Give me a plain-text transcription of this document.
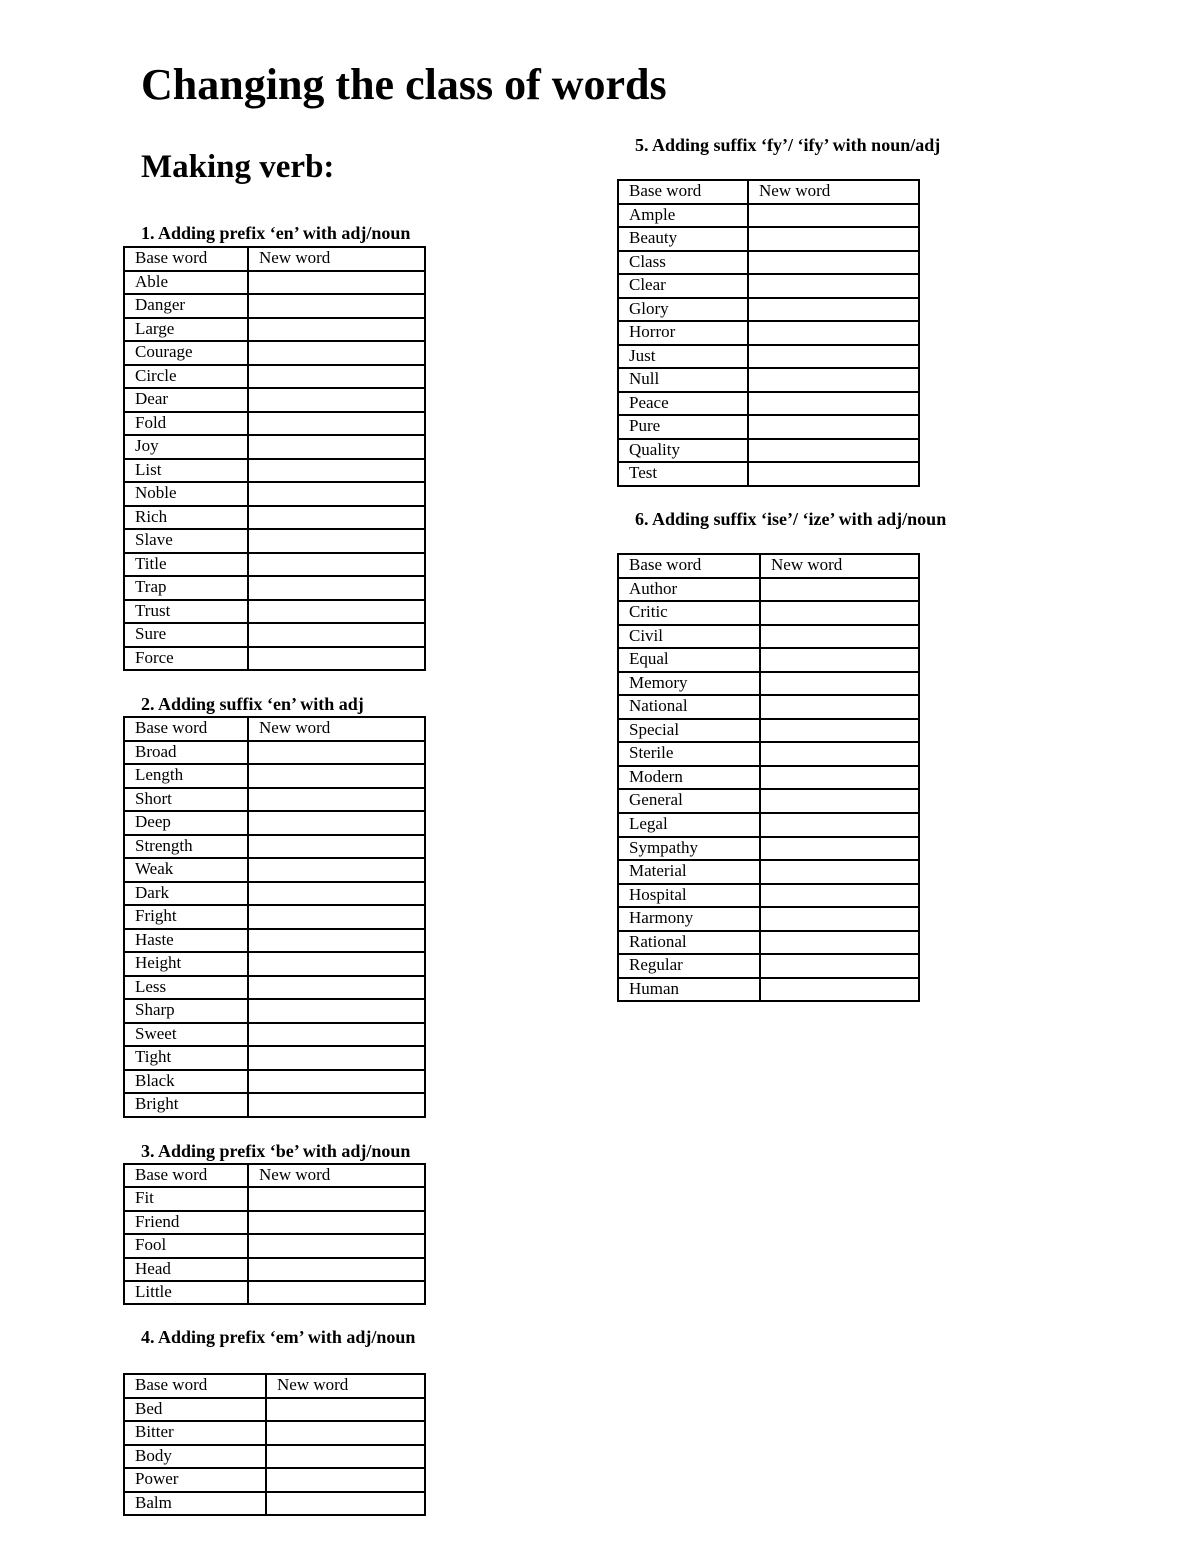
Changing the class of words
Making verb:
1. Adding prefix ‘en’ with adj/noun
Base word	New word
Able	
Danger	
Large	
Courage	
Circle	
Dear	
Fold	
Joy	
List	
Noble	
Rich	
Slave	
Title	
Trap	
Trust	
Sure	
Force	
2. Adding suffix ‘en’ with adj
Base word	New word
Broad	
Length	
Short	
Deep	
Strength	
Weak	
Dark	
Fright	
Haste	
Height	
Less	
Sharp	
Sweet	
Tight	
Black	
Bright	
3. Adding prefix ‘be’ with adj/noun
Base word	New word
Fit	
Friend	
Fool	
Head	
Little	
4. Adding prefix ‘em’ with adj/noun
Base word	New word
Bed	
Bitter	
Body	
Power	
Balm	
5. Adding suffix ‘fy’/ ‘ify’ with noun/adj
Base word	New word
Ample	
Beauty	
Class	
Clear	
Glory	
Horror	
Just	
Null	
Peace	
Pure	
Quality	
Test	
6. Adding suffix ‘ise’/ ‘ize’ with adj/noun
Base word	New word
Author	
Critic	
Civil	
Equal	
Memory	
National	
Special	
Sterile	
Modern	
General	
Legal	
Sympathy	
Material	
Hospital	
Harmony	
Rational	
Regular	
Human	
